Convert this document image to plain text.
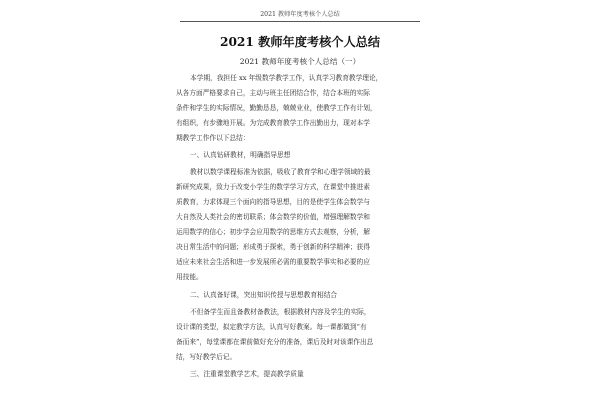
2021 教师年度考核个人总结
2021 教师年度考核个人总结
2021 教师年度考核个人总结（一）
本学期，我担任 xx 年级数学教学工作，认真学习教育教学理论，
从各方面严格要求自己，主动与班主任团结合作，结合本班的实际
条件和学生的实际情况，勤勤恳恳，兢兢业业，使教学工作有计划，
有组织，有步骤地开展。为完成教育教学工作出勤出力，现对本学
期教学工作作以下总结：
一、认真钻研教材，明确指导思想
教材以数学课程标准为依据，吸收了教育学和心理学领域的最
新研究成果，致力于改变小学生的数学学习方式，在课堂中推进素
质教育，力求体现三个面向的指导思想，目的是使学生体会数学与
大自然及人类社会的密切联系；体会数学的价值，增强理解数学和
运用数学的信心；初步学会应用数学的思维方式去观察，分析，解
决日常生活中的问题；形成勇于探索，勇于创新的科学精神；获得
适应未来社会生活和进一步发展所必需的重要数学事实和必要的应
用技能。
二、认真备好课，突出知识传授与思想教育相结合
不但备学生而且备教材备教法，根据教材内容及学生的实际，
设计课的类型，拟定教学方法，认真写好教案。每一课都做到“有
备而来”，每堂课都在课前做好充分的准备，课后及时对该课作出总
结，写好教学后记。
三、注重课堂教学艺术，提高教学质量
